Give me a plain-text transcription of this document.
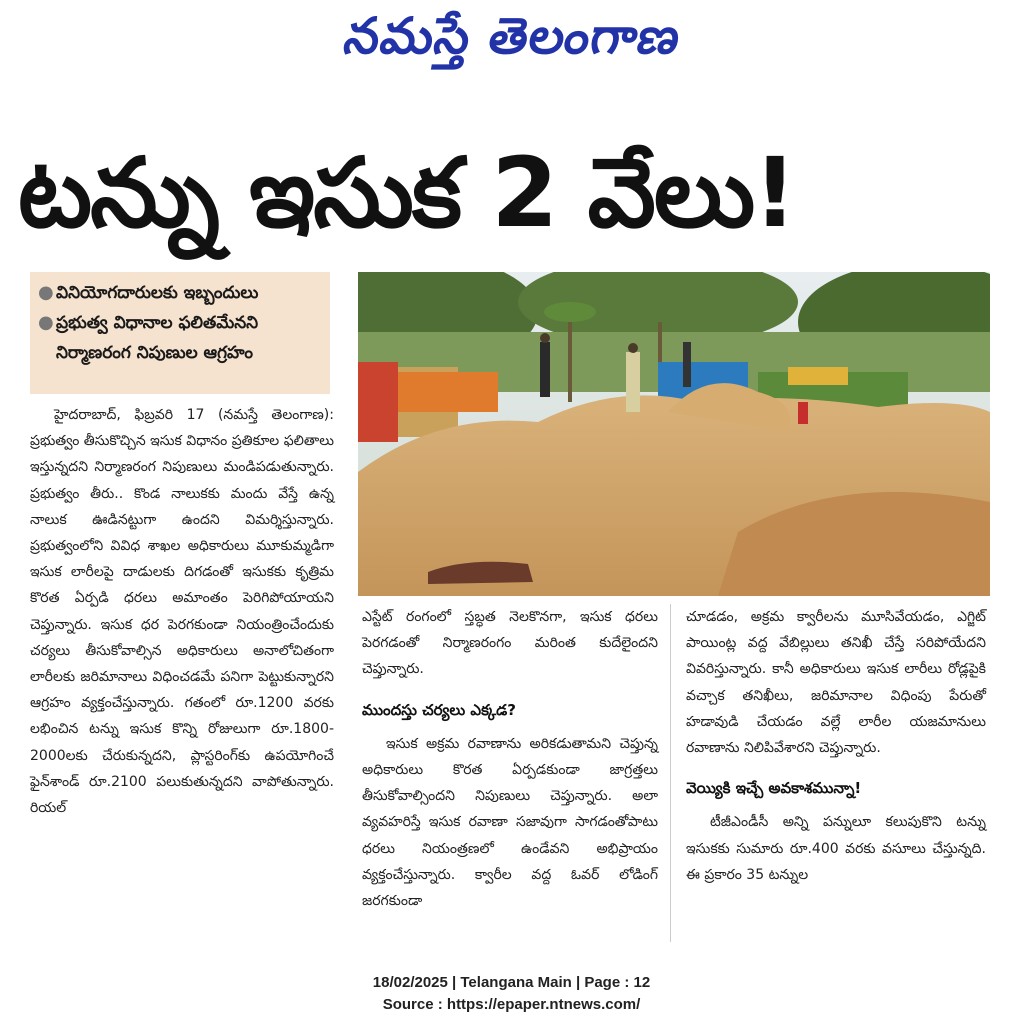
నమస్తే తెలంగాణ
టన్ను ఇసుక 2 వేలు!
● వినియోగదారులకు ఇబ్బందులు
● ప్రభుత్వ విధానాల ఫలితమేనని నిర్మాణరంగ నిపుణుల ఆగ్రహం

హైదరాబాద్, ఫిబ్రవరి 17 (నమస్తే తెలంగాణ): ప్రభుత్వం తీసుకొచ్చిన ఇసుక విధానం ప్రతికూల ఫలితాలు ఇస్తున్నదని నిర్మాణరంగ నిపుణులు మండిపడుతున్నారు. ప్రభుత్వం తీరు.. కొండ నాలుకకు మందు వేస్తే ఉన్న నాలుక ఊడినట్టుగా ఉందని విమర్శిస్తున్నారు. ప్రభుత్వంలోని వివిధ శాఖల అధికారులు మూకుమ్మడిగా ఇసుక లారీలపై దాడులకు దిగడంతో ఇసుకకు కృత్రిమ కొరత ఏర్పడి ధరలు అమాంతం పెరిగిపోయాయని చెప్తున్నారు. ఇసుక ధర పెరగకుండా నియంత్రించేందుకు చర్యలు తీసుకోవాల్సిన అధికారులు అనాలోచితంగా లారీలకు జరిమానాలు విధించడమే పనిగా పెట్టుకున్నారని ఆగ్రహం వ్యక్తంచేస్తున్నారు. గతంలో రూ.1200 వరకు లభించిన టన్ను ఇసుక కొన్ని రోజులుగా రూ.1800-2000లకు చేరుకున్నదని, ప్లాస్టరింగ్‌కు ఉపయోగించే ఫైన్‌శాండ్ రూ.2100 పలుకుతున్నదని వాపోతున్నారు. రియల్

ఎస్టేట్ రంగంలో స్తబ్ధత నెలకొనగా, ఇసుక ధరలు పెరగడంతో నిర్మాణరంగం మరింత కుదేలైందని చెప్తున్నారు.

ముందస్తు చర్యలు ఎక్కడ?

ఇసుక అక్రమ రవాణాను అరికడుతామని చెప్తున్న అధికారులు కొరత ఏర్పడకుండా జాగ్రత్తలు తీసుకోవాల్సిందని నిపుణులు చెప్తున్నారు. అలా వ్యవహరిస్తే ఇసుక రవాణా సజావుగా సాగడంతోపాటు ధరలు నియంత్రణలో ఉండేవని అభిప్రాయం వ్యక్తంచేస్తున్నారు. క్వారీల వద్ద ఓవర్ లోడింగ్ జరగకుండా

చూడడం, అక్రమ క్వారీలను మూసివేయడం, ఎగ్జిట్ పాయింట్ల వద్ద వేబిల్లులు తనిఖీ చేస్తే సరిపోయేదని వివరిస్తున్నారు. కానీ అధికారులు ఇసుక లారీలు రోడ్లపైకి వచ్చాక తనిఖీలు, జరిమానాల విధింపు పేరుతో హడావుడి చేయడం వల్లే లారీల యజమానులు రవాణాను నిలిపివేశారని చెప్తున్నారు.

వెయ్యికి ఇచ్చే అవకాశమున్నా!

టీజీఎండీసీ అన్ని పన్నులూ కలుపుకొని టన్ను ఇసుకకు సుమారు రూ.400 వరకు వసూలు చేస్తున్నది. ఈ ప్రకారం 35 టన్నుల

18/02/2025 | Telangana Main | Page : 12
Source : https://epaper.ntnews.com/
